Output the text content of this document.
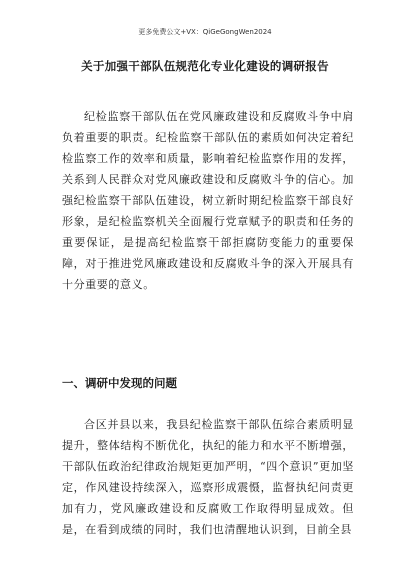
更多免费公文+VX：QiGeGongWen2024
关于加强干部队伍规范化专业化建设的调研报告
纪检监察干部队伍在党风廉政建设和反腐败斗争中肩负着重要的职责。纪检监察干部队伍的素质如何决定着纪检监察工作的效率和质量，影响着纪检监察作用的发挥，关系到人民群众对党风廉政建设和反腐败斗争的信心。加强纪检监察干部队伍建设，树立新时期纪检监察干部良好形象，是纪检监察机关全面履行党章赋予的职责和任务的重要保证，是提高纪检监察干部拒腐防变能力的重要保障，对于推进党风廉政建设和反腐败斗争的深入开展具有十分重要的意义。
一、调研中发现的问题
合区并县以来，我县纪检监察干部队伍综合素质明显提升，整体结构不断优化，执纪的能力和水平不断增强，干部队伍政治纪律政治规矩更加严明，“四个意识”更加坚定，作风建设持续深入，巡察形成震慑，监督执纪问责更加有力，党风廉政建设和反腐败工作取得明显成效。但是，在看到成绩的同时，我们也清醒地认识到，目前全县
